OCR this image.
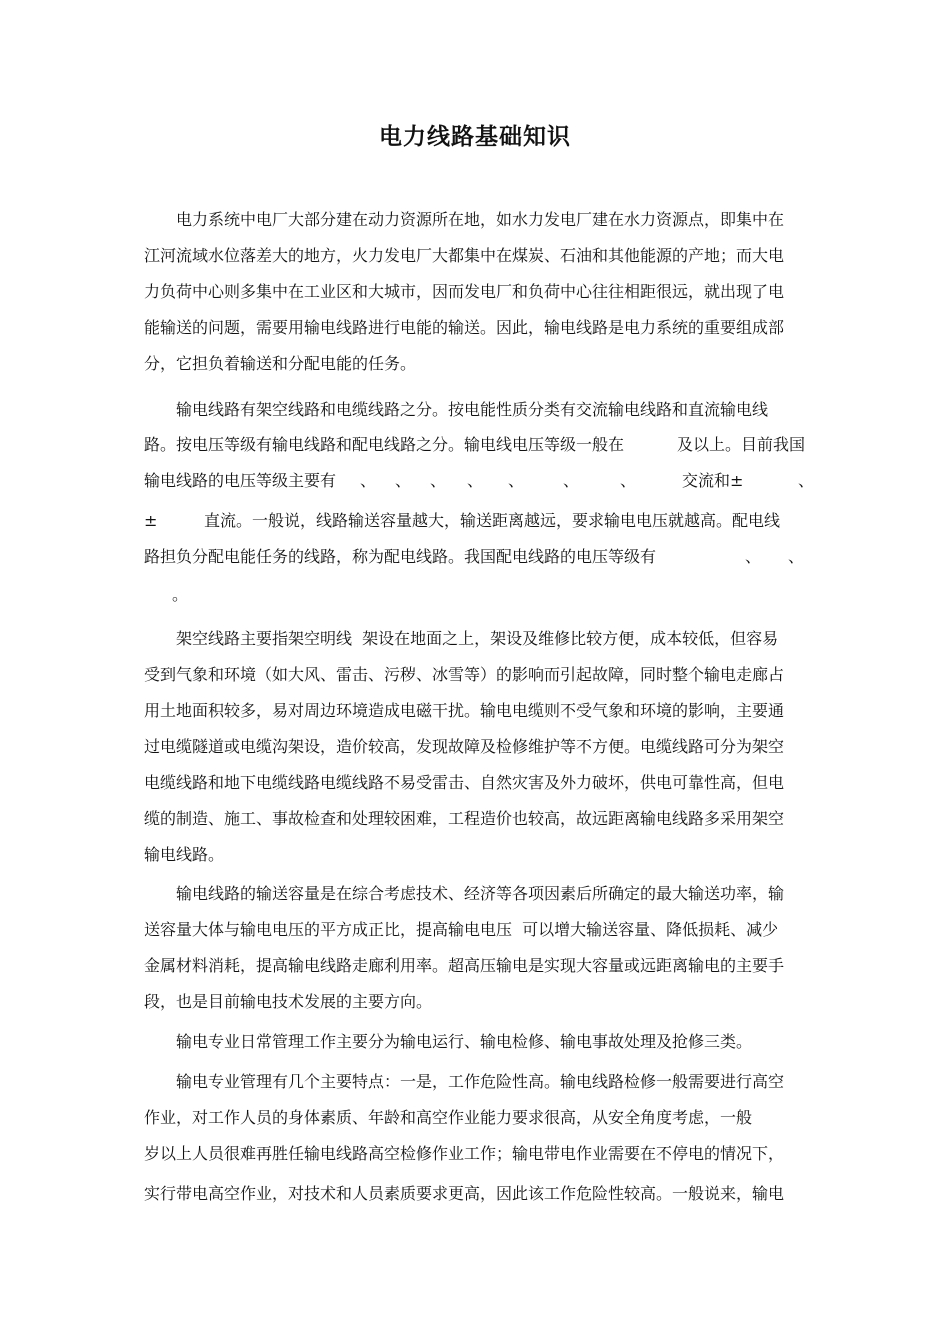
电力线路基础知识
电力系统中电厂大部分建在动力资源所在地，如水力发电厂建在水力资源点，即集中在
江河流域水位落差大的地方，火力发电厂大都集中在煤炭、石油和其他能源的产地；而大电
力负荷中心则多集中在工业区和大城市，因而发电厂和负荷中心往往相距很远，就出现了电
能输送的问题，需要用输电线路进行电能的输送。因此，输电线路是电力系统的重要组成部
分，它担负着输送和分配电能的任务。
输电线路有架空线路和电缆线路之分。按电能性质分类有交流输电线路和直流输电线

路。按电压等级有输电线路和配电线路之分。输电线电压等级一般在

	及以上。目前我国

输电线路的电压等级主要有

、

、

、

、

、

、

	、

	交流和±

	、

±

	直流。一般说，线路输送容量越大，输送距离越远，要求输电电压就越高。配电线

路担负分配电能任务的线路，称为配电线路。我国配电线路的电压等级有

	、

、

。
架空线路主要指架空明线  架设在地面之上，架设及维修比较方便，成本较低，但容易
受到气象和环境（如大风、雷击、污秽、冰雪等）的影响而引起故障，同时整个输电走廊占
用土地面积较多，易对周边环境造成电磁干扰。输电电缆则不受气象和环境的影响，主要通
过电缆隧道或电缆沟架设，造价较高，发现故障及检修维护等不方便。电缆线路可分为架空
电缆线路和地下电缆线路电缆线路不易受雷击、自然灾害及外力破坏，供电可靠性高，但电
缆的制造、施工、事故检查和处理较困难，工程造价也较高，故远距离输电线路多采用架空
输电线路。
输电线路的输送容量是在综合考虑技术、经济等各项因素后所确定的最大输送功率，输
送容量大体与输电电压的平方成正比，提高输电电压  可以增大输送容量、降低损耗、减少
金属材料消耗，提高输电线路走廊利用率。超高压输电是实现大容量或远距离输电的主要手
段，也是目前输电技术发展的主要方向。
输电专业日常管理工作主要分为输电运行、输电检修、输电事故处理及抢修三类。
输电专业管理有几个主要特点：一是，工作危险性高。输电线路检修一般需要进行高空
作业，对工作人员的身体素质、年龄和高空作业能力要求很高，从安全角度考虑，一般
岁以上人员很难再胜任输电线路高空检修作业工作；输电带电作业需要在不停电的情况下，
实行带电高空作业，对技术和人员素质要求更高，因此该工作危险性较高。一般说来，输电
